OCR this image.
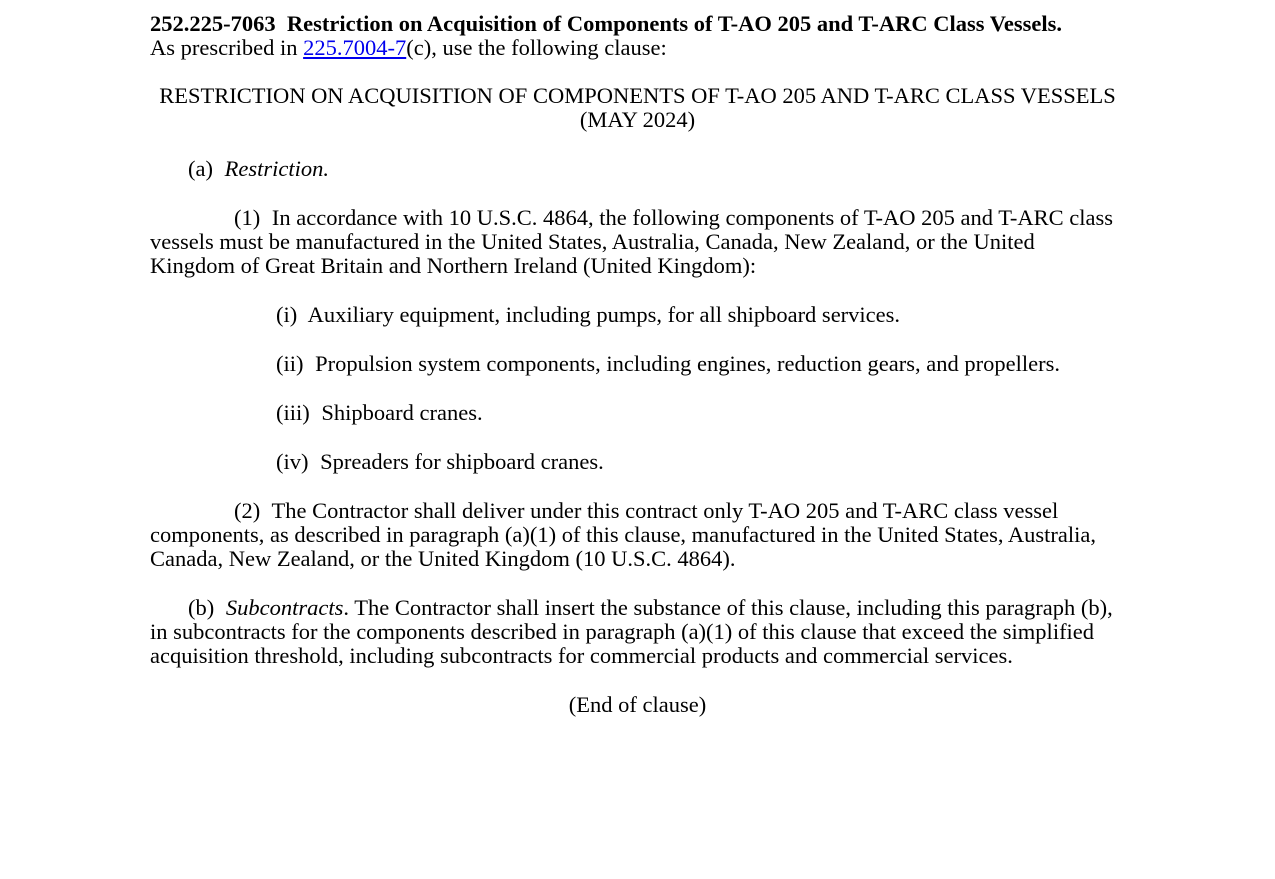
252.225-7063 Restriction on Acquisition of Components of T-AO 205 and T-ARC Class Vessels.

As prescribed in 225.7004-7(c), use the following clause:

RESTRICTION ON ACQUISITION OF COMPONENTS OF T-AO 205 AND T-ARC CLASS VESSELS (MAY 2024)

(a) Restriction.

(1) In accordance with 10 U.S.C. 4864, the following components of T-AO 205 and T-ARC class vessels must be manufactured in the United States, Australia, Canada, New Zealand, or the United Kingdom of Great Britain and Northern Ireland (United Kingdom):

(i) Auxiliary equipment, including pumps, for all shipboard services.

(ii) Propulsion system components, including engines, reduction gears, and propellers.

(iii) Shipboard cranes.

(iv) Spreaders for shipboard cranes.

(2) The Contractor shall deliver under this contract only T-AO 205 and T-ARC class vessel components, as described in paragraph (a)(1) of this clause, manufactured in the United States, Australia, Canada, New Zealand, or the United Kingdom (10 U.S.C. 4864).

(b) Subcontracts. The Contractor shall insert the substance of this clause, including this paragraph (b), in subcontracts for the components described in paragraph (a)(1) of this clause that exceed the simplified acquisition threshold, including subcontracts for commercial products and commercial services.

(End of clause)
